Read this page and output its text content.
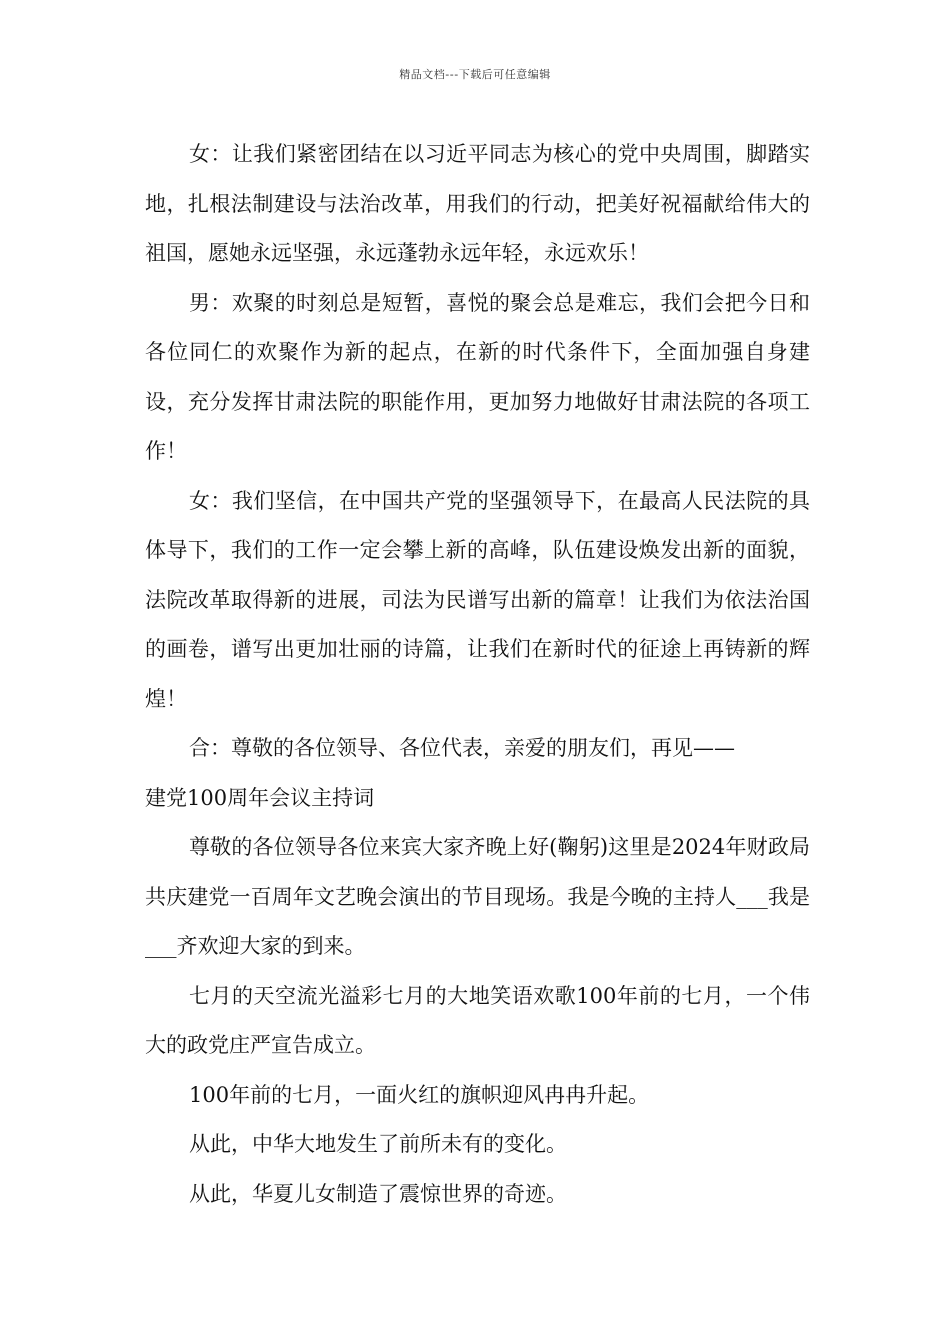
精品文档---下载后可任意编辑

女：让我们紧密团结在以习近平同志为核心的党中央周围，脚踏实地，扎根法制建设与法治改革，用我们的行动，把美好祝福献给伟大的祖国，愿她永远坚强，永远蓬勃永远年轻，永远欢乐！

男：欢聚的时刻总是短暂，喜悦的聚会总是难忘，我们会把今日和各位同仁的欢聚作为新的起点，在新的时代条件下，全面加强自身建设，充分发挥甘肃法院的职能作用，更加努力地做好甘肃法院的各项工作！

女：我们坚信，在中国共产党的坚强领导下，在最高人民法院的具体导下，我们的工作一定会攀上新的高峰，队伍建设焕发出新的面貌，法院改革取得新的进展，司法为民谱写出新的篇章！让我们为依法治国的画卷，谱写出更加壮丽的诗篇，让我们在新时代的征途上再铸新的辉煌！

合：尊敬的各位领导、各位代表，亲爱的朋友们，再见——

建党100周年会议主持词

尊敬的各位领导各位来宾大家齐晚上好(鞠躬)这里是2024年财政局共庆建党一百周年文艺晚会演出的节目现场。我是今晚的主持人___我是___齐欢迎大家的到来。

七月的天空流光溢彩七月的大地笑语欢歌100年前的七月，一个伟大的政党庄严宣告成立。

100年前的七月，一面火红的旗帜迎风冉冉升起。

从此，中华大地发生了前所未有的变化。

从此，华夏儿女制造了震惊世界的奇迹。
